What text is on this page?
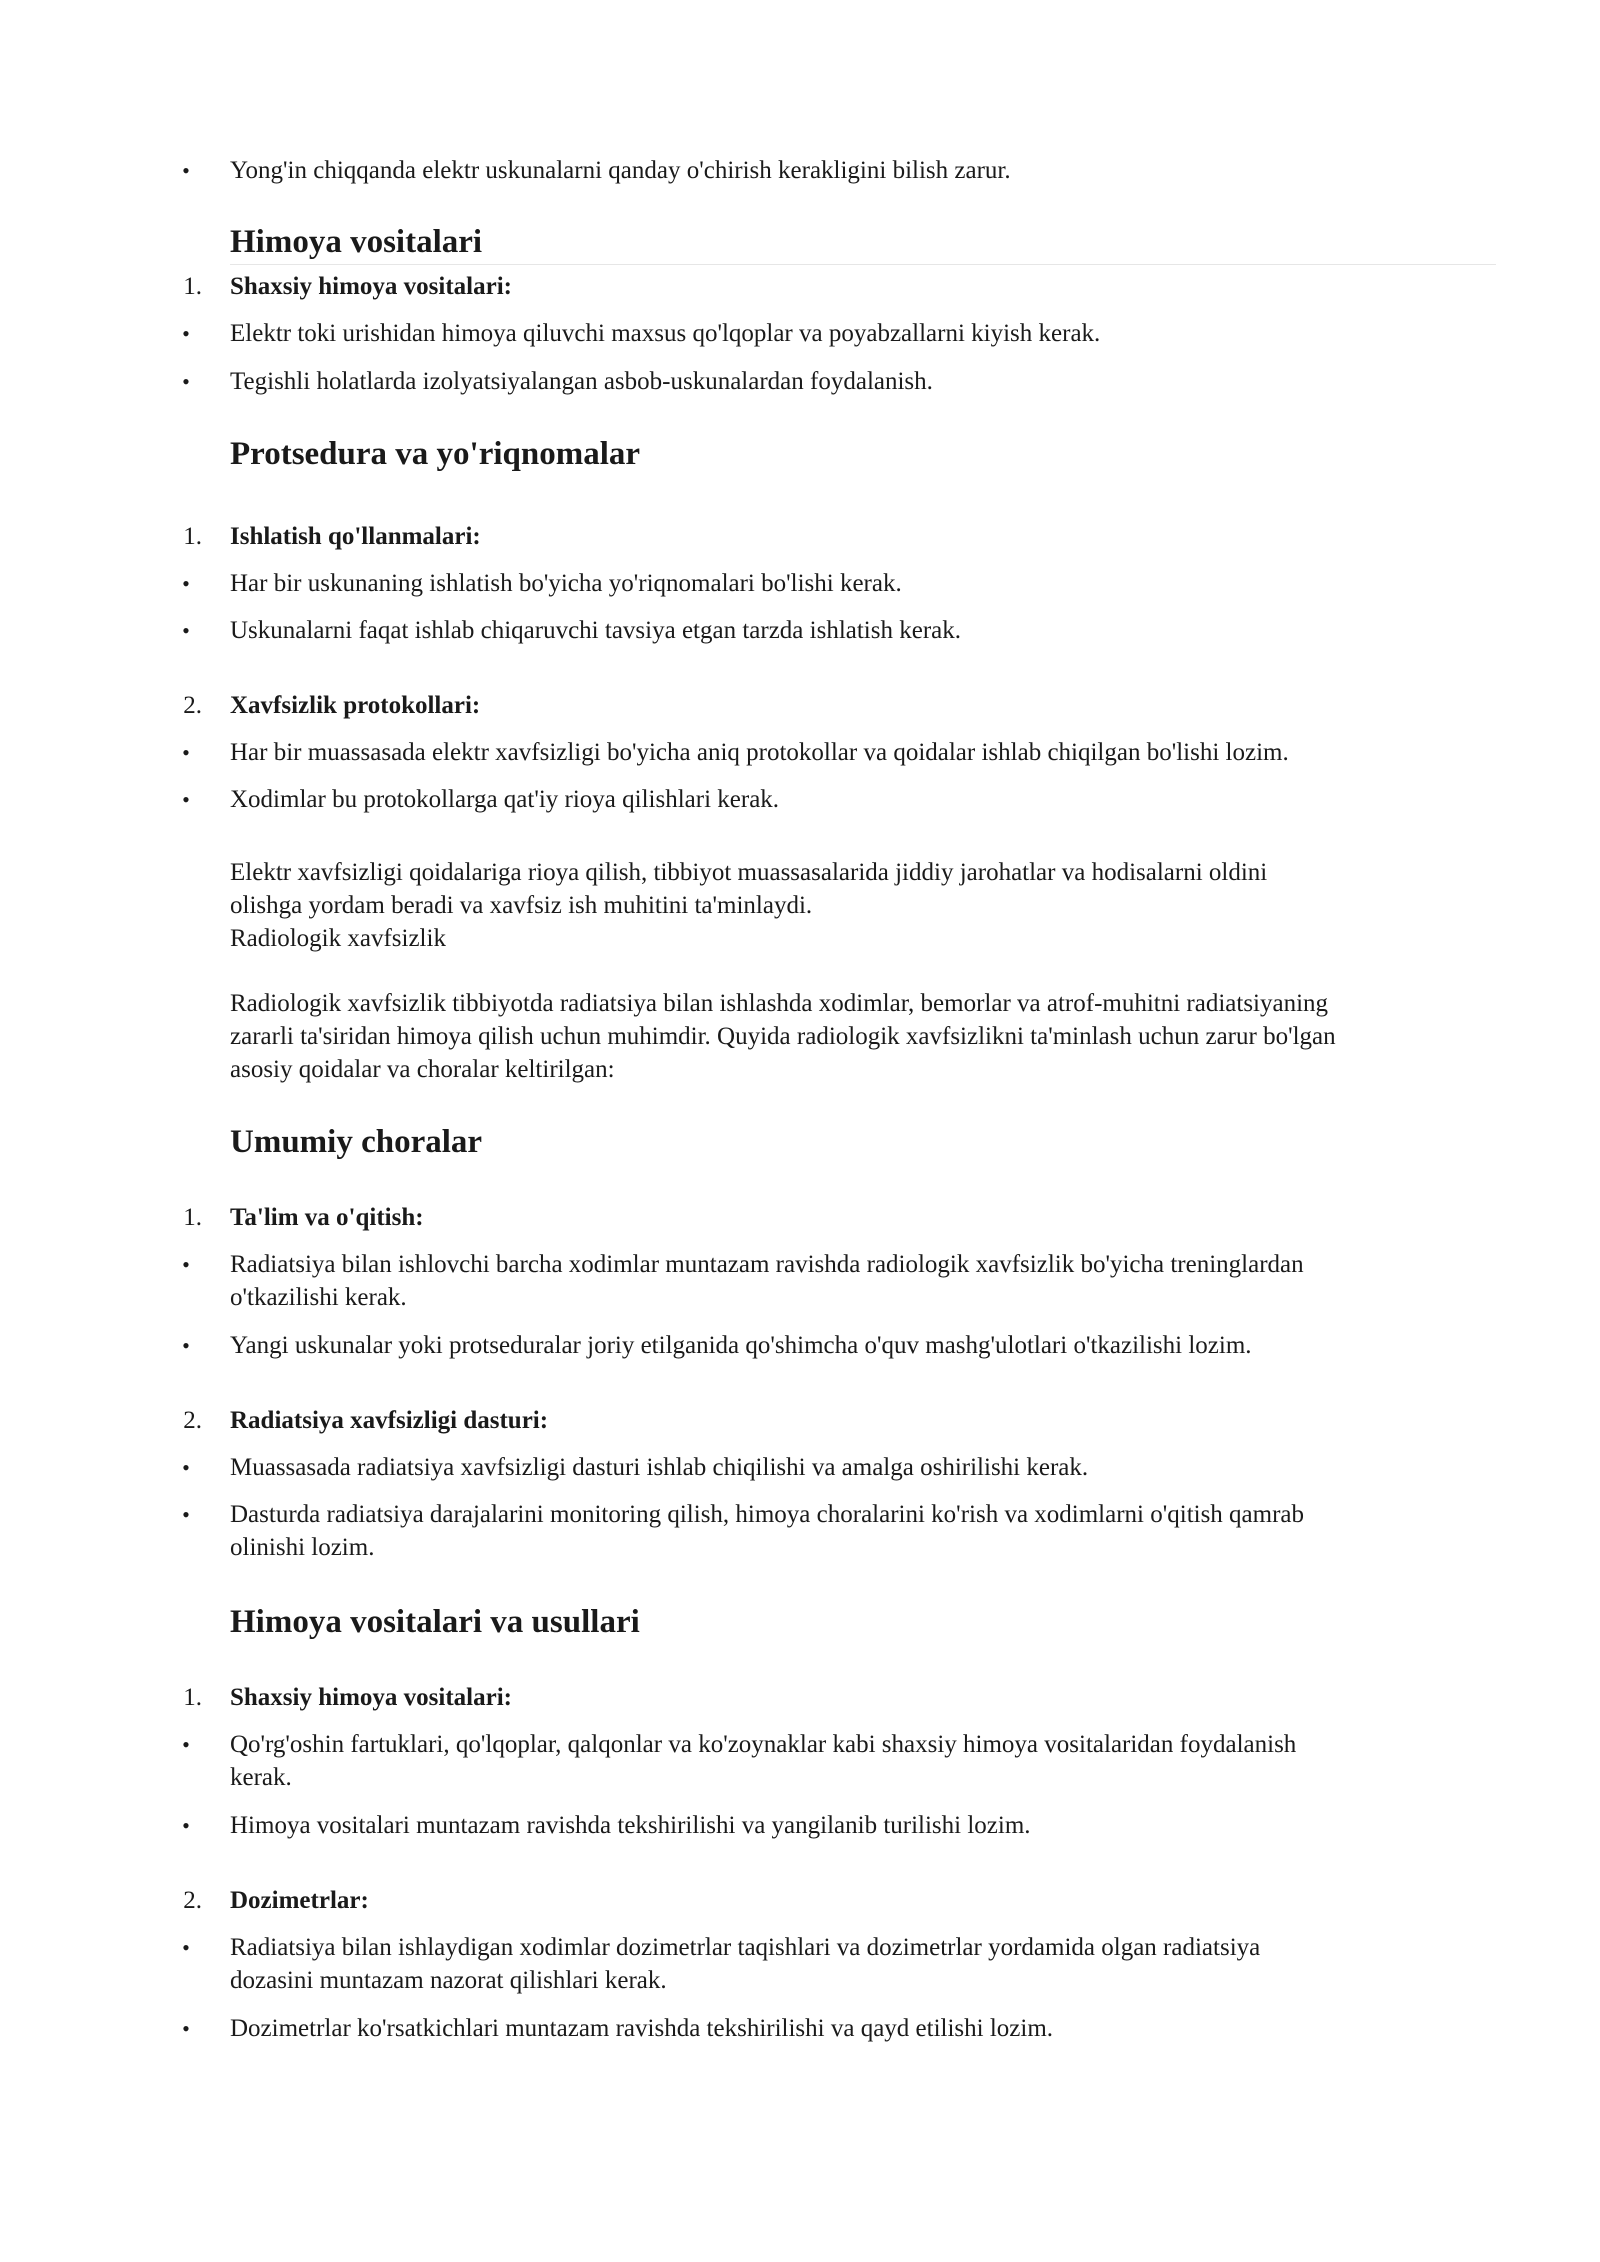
• Yong'in chiqqanda elektr uskunalarni qanday o'chirish kerakligini bilish zarur.
Himoya vositalari
1. Shaxsiy himoya vositalari:
• Elektr toki urishidan himoya qiluvchi maxsus qo'lqoplar va poyabzallarni kiyish kerak.
• Tegishli holatlarda izolyatsiyalangan asbob-uskunalardan foydalanish.
Protsedura va yo'riqnomalar
1. Ishlatish qo'llanmalari:
• Har bir uskunaning ishlatish bo'yicha yo'riqnomalari bo'lishi kerak.
• Uskunalarni faqat ishlab chiqaruvchi tavsiya etgan tarzda ishlatish kerak.
2. Xavfsizlik protokollari:
• Har bir muassasada elektr xavfsizligi bo'yicha aniq protokollar va qoidalar ishlab chiqilgan bo'lishi lozim.
• Xodimlar bu protokollarga qat'iy rioya qilishlari kerak.
Elektr xavfsizligi qoidalariga rioya qilish, tibbiyot muassasalarida jiddiy jarohatlar va hodisalarni oldini
olishga yordam beradi va xavfsiz ish muhitini ta'minlaydi.
Radiologik xavfsizlik
Radiologik xavfsizlik tibbiyotda radiatsiya bilan ishlashda xodimlar, bemorlar va atrof-muhitni radiatsiyaning
zararli ta'siridan himoya qilish uchun muhimdir. Quyida radiologik xavfsizlikni ta'minlash uchun zarur bo'lgan
asosiy qoidalar va choralar keltirilgan:
Umumiy choralar
1. Ta'lim va o'qitish:
• Radiatsiya bilan ishlovchi barcha xodimlar muntazam ravishda radiologik xavfsizlik bo'yicha treninglardan
o'tkazilishi kerak.
• Yangi uskunalar yoki protseduralar joriy etilganida qo'shimcha o'quv mashg'ulotlari o'tkazilishi lozim.
2. Radiatsiya xavfsizligi dasturi:
• Muassasada radiatsiya xavfsizligi dasturi ishlab chiqilishi va amalga oshirilishi kerak.
• Dasturda radiatsiya darajalarini monitoring qilish, himoya choralarini ko'rish va xodimlarni o'qitish qamrab
olinishi lozim.
Himoya vositalari va usullari
1. Shaxsiy himoya vositalari:
• Qo'rg'oshin fartuklari, qo'lqoplar, qalqonlar va ko'zoynaklar kabi shaxsiy himoya vositalaridan foydalanish
kerak.
• Himoya vositalari muntazam ravishda tekshirilishi va yangilanib turilishi lozim.
2. Dozimetrlar:
• Radiatsiya bilan ishlaydigan xodimlar dozimetrlar taqishlari va dozimetrlar yordamida olgan radiatsiya
dozasini muntazam nazorat qilishlari kerak.
• Dozimetrlar ko'rsatkichlari muntazam ravishda tekshirilishi va qayd etilishi lozim.
